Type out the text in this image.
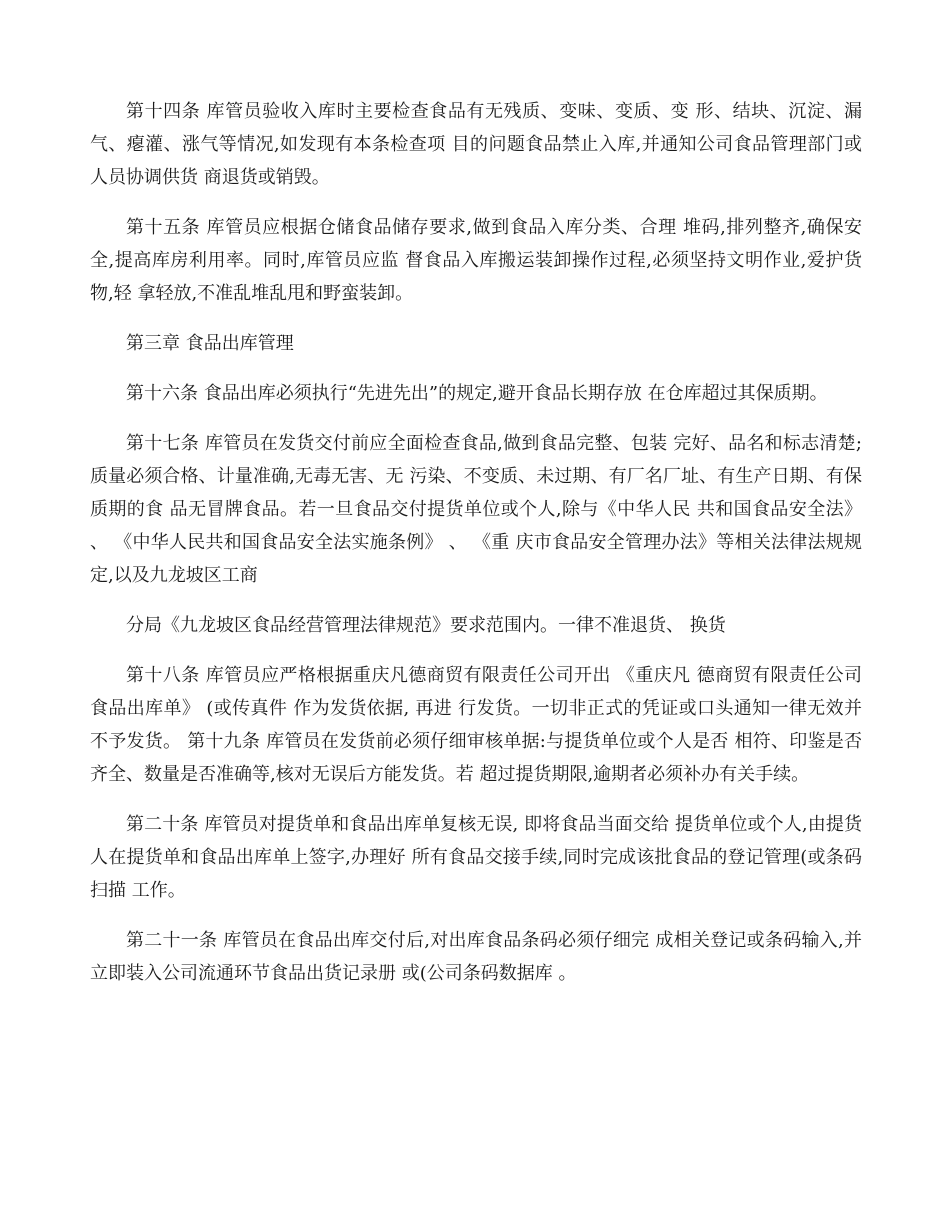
第十四条 库管员验收入库时主要检查食品有无残质、变味、变质、变 形、结块、沉淀、漏气、瘪灌、涨气等情况,如发现有本条检查项 目的问题食品禁止入库,并通知公司食品管理部门或人员协调供货 商退货或销毁。

第十五条 库管员应根据仓储食品储存要求,做到食品入库分类、合理 堆码,排列整齐,确保安全,提高库房利用率。同时,库管员应监 督食品入库搬运装卸操作过程,必须坚持文明作业,爱护货物,轻 拿轻放,不准乱堆乱甩和野蛮装卸。

第三章 食品出库管理

第十六条 食品出库必须执行“先进先出”的规定,避开食品长期存放 在仓库超过其保质期。

第十七条 库管员在发货交付前应全面检查食品,做到食品完整、包装 完好、品名和标志清楚;质量必须合格、计量准确,无毒无害、无 污染、不变质、未过期、有厂名厂址、有生产日期、有保质期的食 品无冒牌食品。若一旦食品交付提货单位或个人,除与《中华人民 共和国食品安全法》 、 《中华人民共和国食品安全法实施条例》 、 《重 庆市食品安全管理办法》等相关法律法规规定,以及九龙坡区工商

分局《九龙坡区食品经营管理法律规范》要求范围内。一律不准退货、 换货

第十八条 库管员应严格根据重庆凡德商贸有限责任公司开出 《重庆凡 德商贸有限责任公司食品出库单》 (或传真件 作为发货依据, 再进 行发货。一切非正式的凭证或口头通知一律无效并不予发货。 第十九条 库管员在发货前必须仔细审核单据:与提货单位或个人是否 相符、印鉴是否齐全、数量是否准确等,核对无误后方能发货。若 超过提货期限,逾期者必须补办有关手续。

第二十条 库管员对提货单和食品出库单复核无误, 即将食品当面交给 提货单位或个人,由提货人在提货单和食品出库单上签字,办理好 所有食品交接手续,同时完成该批食品的登记管理(或条码扫描 工作。

第二十一条 库管员在食品出库交付后,对出库食品条码必须仔细完 成相关登记或条码输入,并立即装入公司流通环节食品出货记录册 或(公司条码数据库 。
